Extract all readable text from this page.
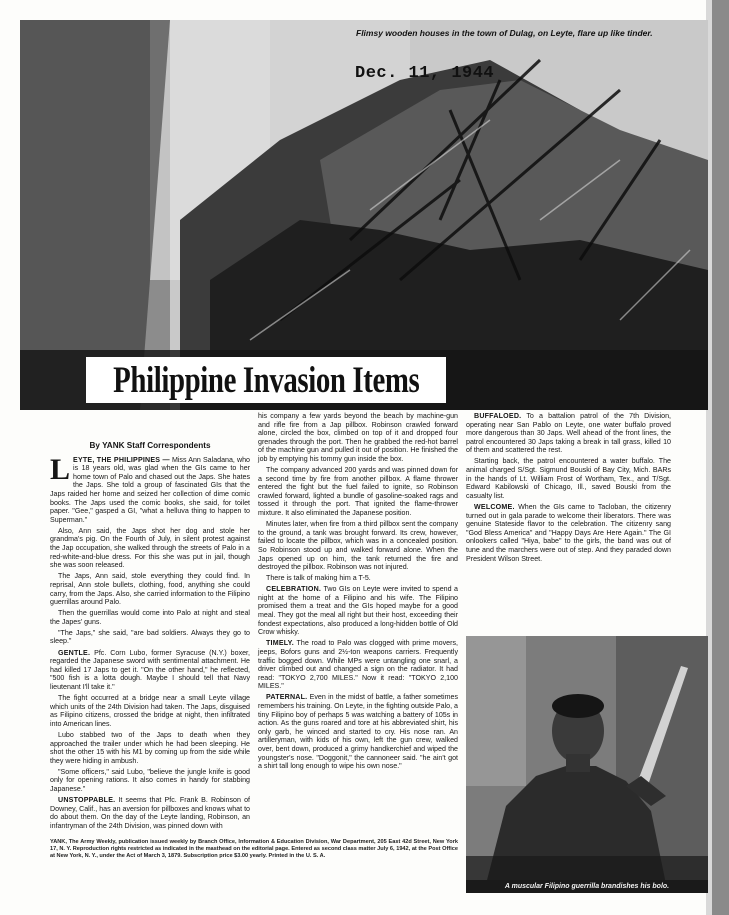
Flimsy wooden houses in the town of Dulag, on Leyte, flare up like tinder.
Dec. 11, 1944
Philippine Invasion Items

By YANK Staff Correspondents

LEYTE, THE PHILIPPINES — Miss Ann Saladana, who is 18 years old, was glad when the GIs came to her home town of Palo and chased out the Japs. She hates the Japs. She told a group of fascinated GIs that the Japs raided her home and seized her collection of dime comic books. The Japs used the comic books, she said, for toilet paper. "Gee," gasped a GI, "what a helluva thing to happen to Superman."

Also, Ann said, the Japs shot her dog and stole her grandma's pig. On the Fourth of July, in silent protest against the Jap occupation, she walked through the streets of Palo in a red-white-and-blue dress. For this she was put in jail, though she was soon released.

The Japs, Ann said, stole everything they could find. In reprisal, Ann stole bullets, clothing, food, anything she could carry, from the Japs. Also, she carried information to the Filipino guerrillas around Palo.

Then the guerrillas would come into Palo at night and steal the Japes' guns.

"The Japs," she said, "are bad soldiers. Always they go to sleep."

GENTLE. Pfc. Corn Lubo, former Syracuse (N.Y.) boxer, regarded the Japanese sword with sentimental attachment. He had killed 17 Japs to get it. "On the other hand," he reflected, "500 fish is a lotta dough. Maybe I should tell that Navy lieutenant I'll take it."

The fight occurred at a bridge near a small Leyte village which units of the 24th Division had taken. The Japs, disguised as Filipino citizens, crossed the bridge at night, then infiltrated into American lines.

Lubo stabbed two of the Japs to death when they approached the trailer under which he had been sleeping. He shot the other 15 with his M1 by coming up from the side while they were hiding in ambush.

"Some officers," said Lubo, "believe the jungle knife is good only for opening rations. It also comes in handy for stabbing Japanese."

UNSTOPPABLE. It seems that Pfc. Frank B. Robinson of Downey, Calif., has an aversion for pillboxes and knows what to do about them. On the day of the Leyte landing, Robinson, an infantryman of the 24th Division, was pinned down with

his company a few yards beyond the beach by machine-gun and rifle fire from a Jap pillbox. Robinson crawled forward alone, circled the box, climbed on top of it and dropped four grenades through the port. Then he grabbed the red-hot barrel of the machine gun and pulled it out of position. He finished the job by emptying his tommy gun inside the box.

The company advanced 200 yards and was pinned down for a second time by fire from another pillbox. A flame thrower entered the fight but the fuel failed to ignite, so Robinson crawled forward, lighted a bundle of gasoline-soaked rags and tossed it through the port. That ignited the flame-thrower mixture. It also eliminated the Japanese position.

Minutes later, when fire from a third pillbox sent the company to the ground, a tank was brought forward. Its crew, however, failed to locate the pillbox, which was in a concealed position. So Robinson stood up and walked forward alone. When the Japs opened up on him, the tank returned the fire and destroyed the pillbox. Robinson was not injured.

There is talk of making him a T-5.

CELEBRATION. Two GIs on Leyte were invited to spend a night at the home of a Filipino and his wife. The Filipino promised them a treat and the GIs hoped maybe for a good meal. They got the meal all right but their host, exceeding their fondest expectations, also produced a long-hidden bottle of Old Crow whisky.

TIMELY. The road to Palo was clogged with prime movers, jeeps, Bofors guns and 2½-ton weapons carriers. Frequently traffic bogged down. While MPs were untangling one snarl, a driver climbed out and changed a sign on the radiator. It had read: "TOKYO 2,700 MILES." Now it read: "TOKYO 2,100 MILES."

PATERNAL. Even in the midst of battle, a father sometimes remembers his training. On Leyte, in the fighting outside Palo, a tiny Filipino boy of perhaps 5 was watching a battery of 105s in action. As the guns roared and tore at his abbreviated shirt, his only garb, he winced and started to cry. His nose ran. An artilleryman, with kids of his own, left the gun crew, walked over, bent down, produced a grimy handkerchief and wiped the youngster's nose. "Doggonit," the cannoneer said. "he ain't got a shirt tall long enough to wipe his own nose."

BUFFALOED. To a battalion patrol of the 7th Division, operating near San Pablo on Leyte, one water buffalo proved more dangerous than 30 Japs. Well ahead of the front lines, the patrol encountered 30 Japs taking a break in tall grass, killed 10 of them and scattered the rest.

Starting back, the patrol encountered a water buffalo. The animal charged S/Sgt. Sigmund Bouski of Bay City, Mich. BARs in the hands of Lt. William Frost of Wortham, Tex., and T/Sgt. Edward Kabilowski of Chicago, Ill., saved Bouski from the casualty list.

WELCOME. When the GIs came to Tacloban, the citizenry turned out in gala parade to welcome their liberators. There was genuine Stateside flavor to the celebration. The citizenry sang "God Bless America" and "Happy Days Are Here Again." The GI onlookers called "Hiya, babe" to the girls, the band was out of tune and the marchers were out of step. And they paraded down President Wilson Street.

YANK, The Army Weekly, publication issued weekly by Branch Office, Information & Education Division, War Department, 205 East 42d Street, New York 17, N. Y. Reproduction rights restricted as indicated in the masthead on the editorial page. Entered as second class matter July 6, 1942, at the Post Office at New York, N. Y., under the Act of March 3, 1879. Subscription price $3.00 yearly. Printed in the U. S. A.
A muscular Filipino guerrilla brandishes his bolo.
